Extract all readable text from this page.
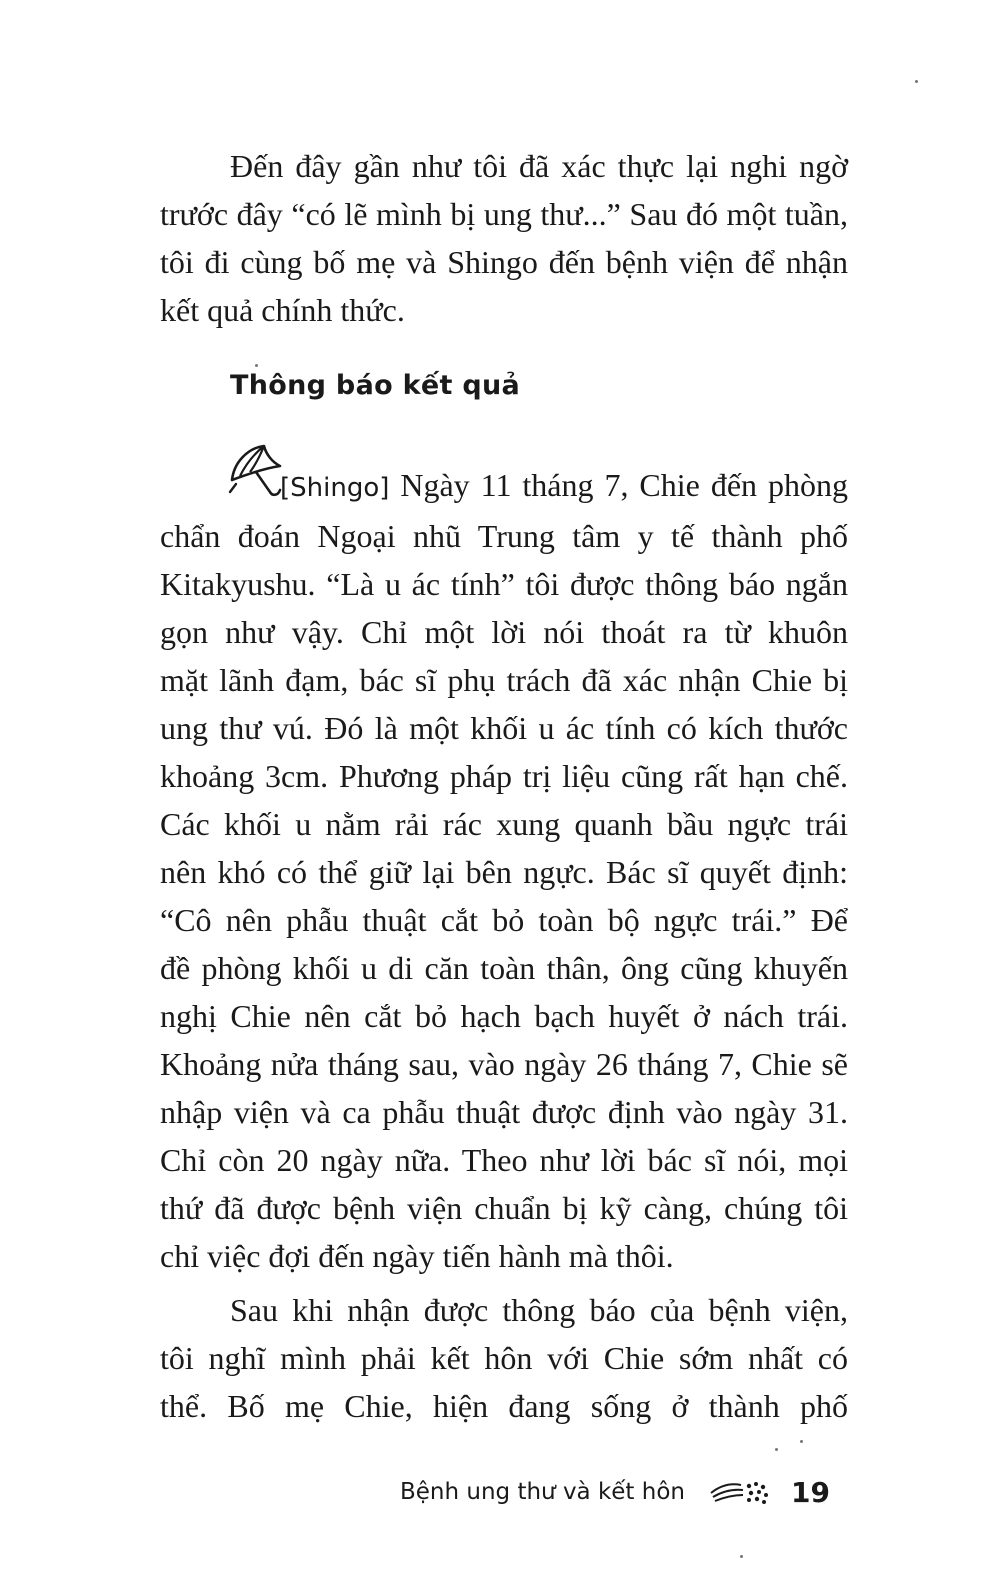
Đến đây gần như tôi đã xác thực lại nghi ngờ
trước đây “có lẽ mình bị ung thư...” Sau đó một tuần,
tôi đi cùng bố mẹ và Shingo đến bệnh viện để nhận
kết quả chính thức.
Thông báo kết quả
[Shingo] Ngày 11 tháng 7, Chie đến phòng
chẩn đoán Ngoại nhũ Trung tâm y tế thành phố
Kitakyushu. “Là u ác tính” tôi được thông báo ngắn
gọn như vậy. Chỉ một lời nói thoát ra từ khuôn
mặt lãnh đạm, bác sĩ phụ trách đã xác nhận Chie bị
ung thư vú. Đó là một khối u ác tính có kích thước
khoảng 3cm. Phương pháp trị liệu cũng rất hạn chế.
Các khối u nằm rải rác xung quanh bầu ngực trái
nên khó có thể giữ lại bên ngực. Bác sĩ quyết định:
“Cô nên phẫu thuật cắt bỏ toàn bộ ngực trái.” Để
đề phòng khối u di căn toàn thân, ông cũng khuyến
nghị Chie nên cắt bỏ hạch bạch huyết ở nách trái.
Khoảng nửa tháng sau, vào ngày 26 tháng 7, Chie sẽ
nhập viện và ca phẫu thuật được định vào ngày 31.
Chỉ còn 20 ngày nữa. Theo như lời bác sĩ nói, mọi
thứ đã được bệnh viện chuẩn bị kỹ càng, chúng tôi
chỉ việc đợi đến ngày tiến hành mà thôi.
Sau khi nhận được thông báo của bệnh viện,
tôi nghĩ mình phải kết hôn với Chie sớm nhất có
thể. Bố mẹ Chie, hiện đang sống ở thành phố
Bệnh ung thư và kết hôn	19
